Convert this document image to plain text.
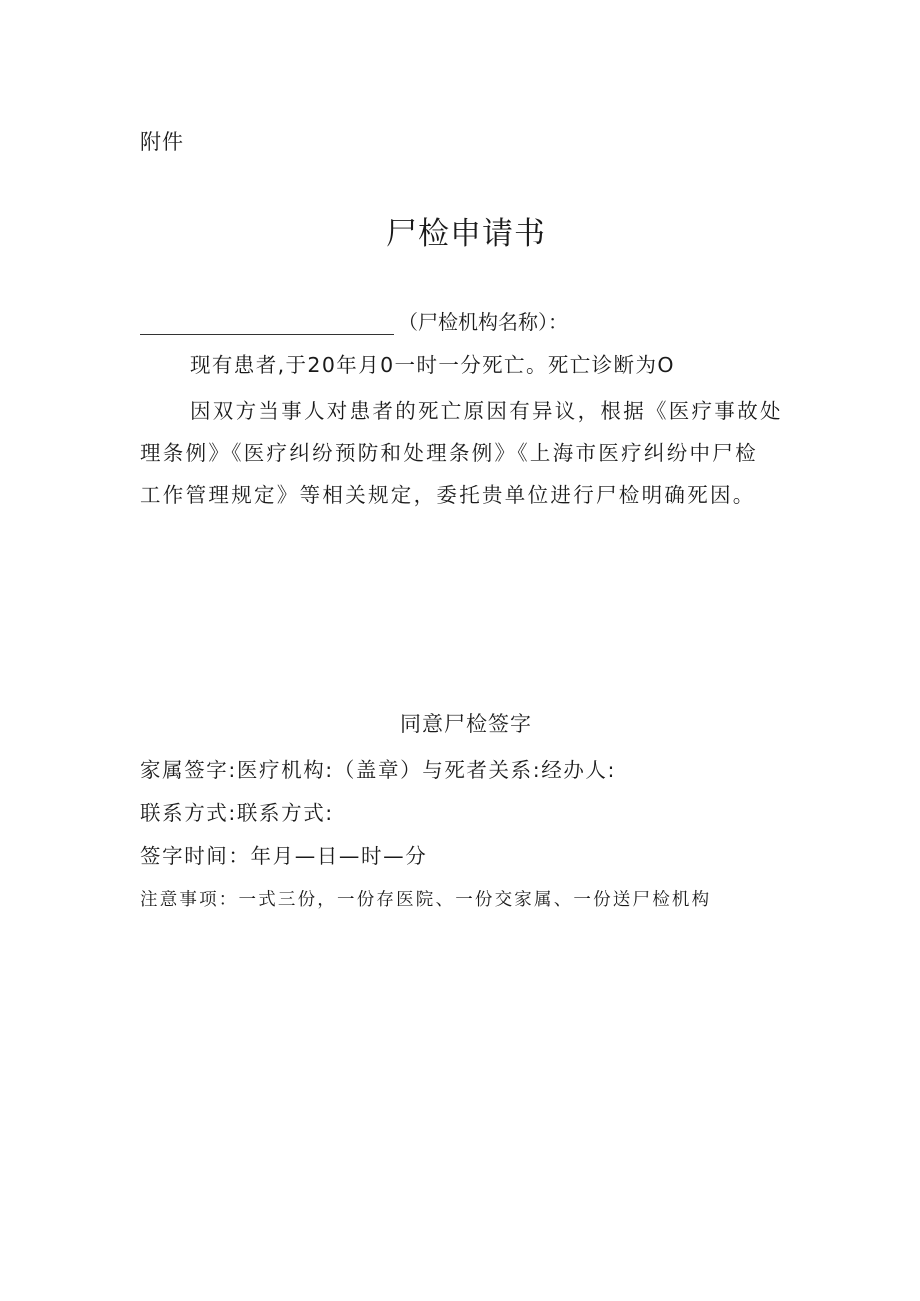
附件
尸检申请书
（尸检机构名称）：
现有患者,于20年月0一时一分死亡。死亡诊断为O
因双方当事人对患者的死亡原因有异议，根据《医疗事故处
理条例》《医疗纠纷预防和处理条例》《上海市医疗纠纷中尸检
工作管理规定》等相关规定，委托贵单位进行尸检明确死因。
同意尸检签字
家属签字:医疗机构:（盖章）与死者关系:经办人:
联系方式:联系方式:
签字时间：年月—日—时—分
注意事项：一式三份，一份存医院、一份交家属、一份送尸检机构
